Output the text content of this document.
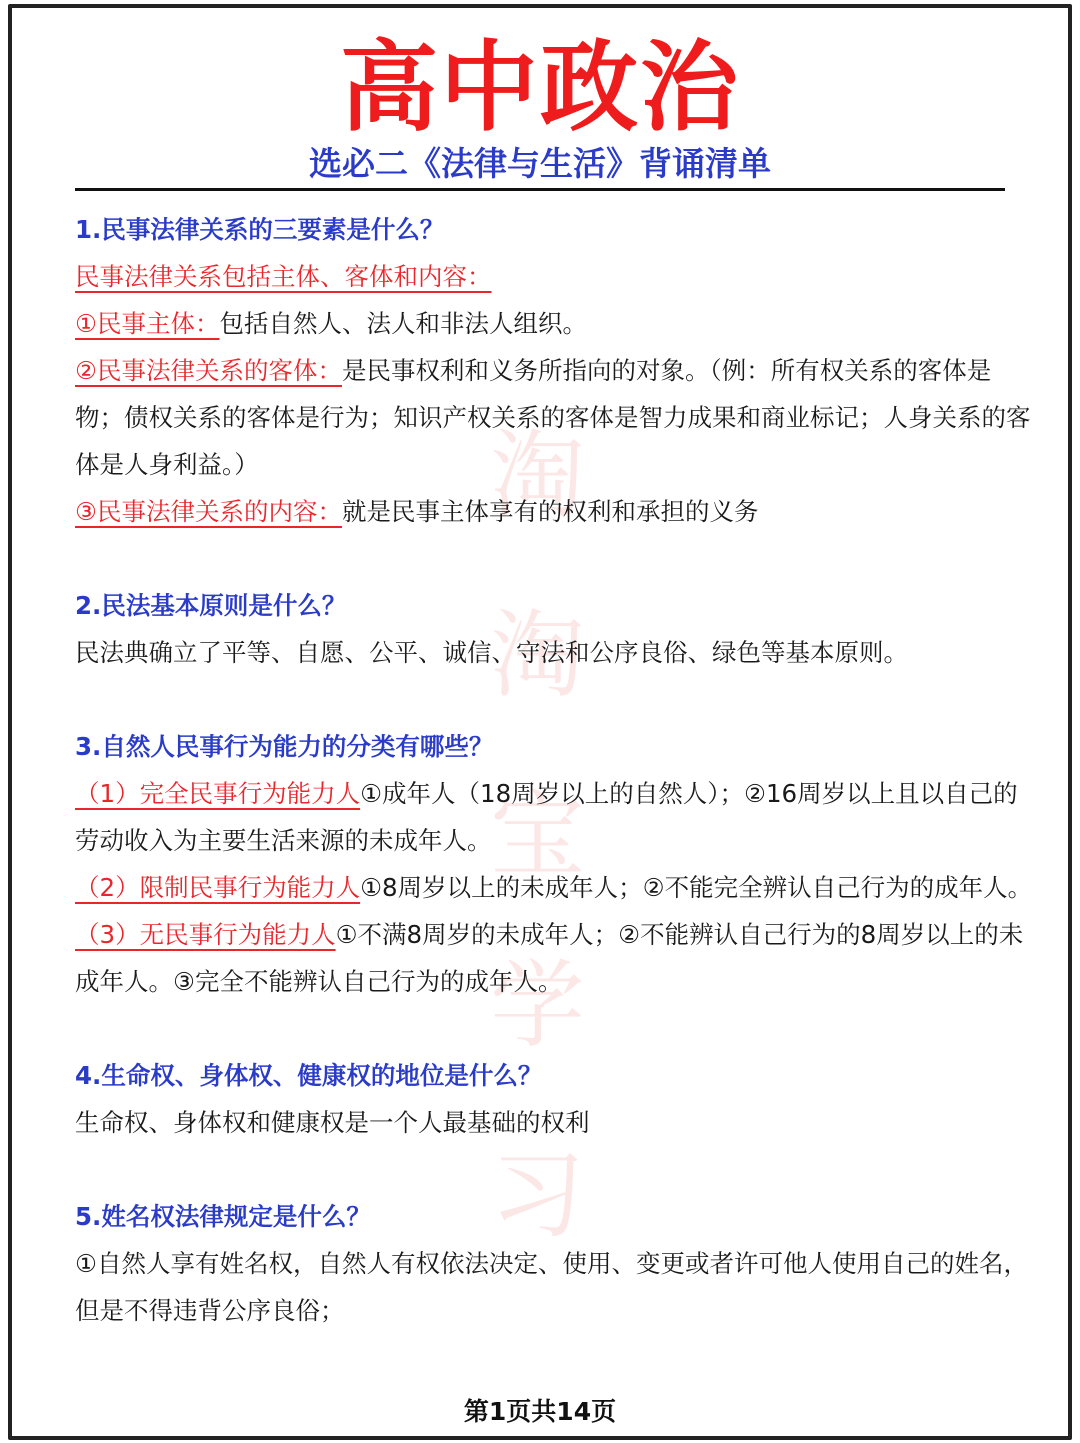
淘
淘
宝
学
习
高中政治
选必二《法律与生活》背诵清单

1.民事法律关系的三要素是什么？

民事法律关系包括主体、客体和内容：

①民事主体：包括自然人、法人和非法人组织。

②民事法律关系的客体：是民事权利和义务所指向的对象。（例：所有权关系的客体是物；债权关系的客体是行为；知识产权关系的客体是智力成果和商业标记；人身关系的客体是人身利益。）

③民事法律关系的内容：就是民事主体享有的权利和承担的义务

2.民法基本原则是什么？

民法典确立了平等、自愿、公平、诚信、守法和公序良俗、绿色等基本原则。

3.自然人民事行为能力的分类有哪些？

（1）完全民事行为能力人①成年人（18周岁以上的自然人）；②16周岁以上且以自己的劳动收入为主要生活来源的未成年人。

（2）限制民事行为能力人①8周岁以上的未成年人；②不能完全辨认自己行为的成年人。

（3）无民事行为能力人①不满8周岁的未成年人；②不能辨认自己行为的8周岁以上的未成年人。③完全不能辨认自己行为的成年人。

4.生命权、身体权、健康权的地位是什么？

生命权、身体权和健康权是一个人最基础的权利

5.姓名权法律规定是什么？

①自然人享有姓名权，自然人有权依法决定、使用、变更或者许可他人使用自己的姓名，但是不得违背公序良俗；

第1页共14页
